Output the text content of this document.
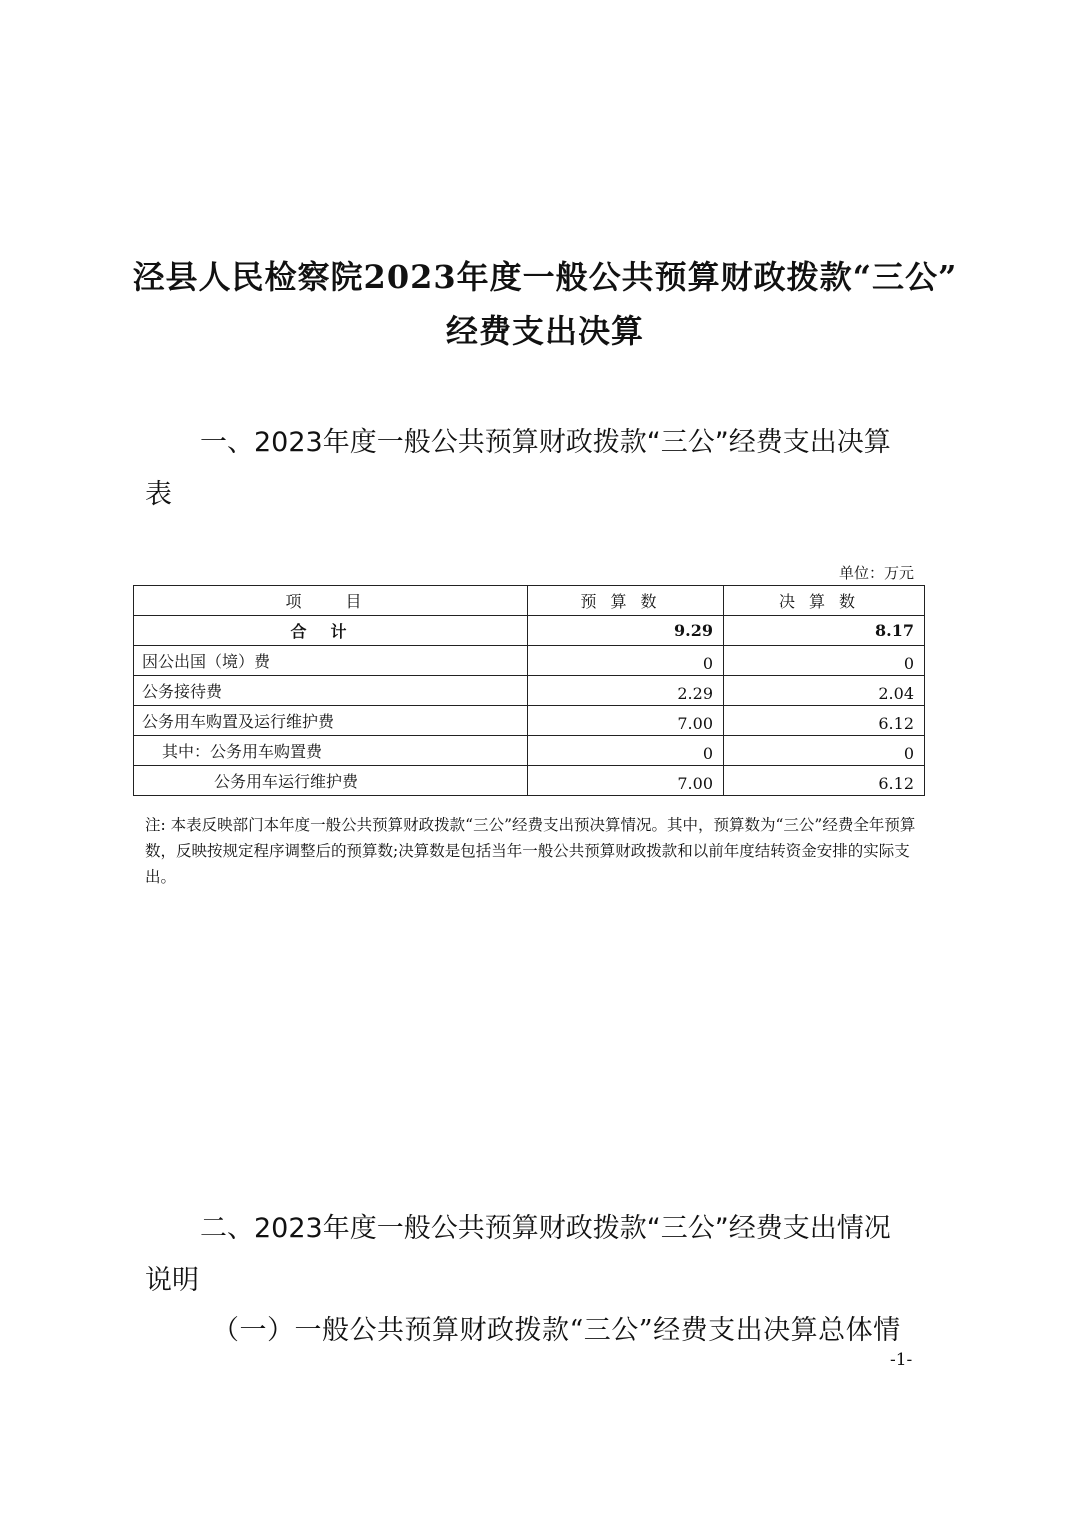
泾县人民检察院2023年度一般公共预算财政拨款“三公”
经费支出决算
一、2023年度一般公共预算财政拨款“三公”经费支出决算
表
单位：万元
项　目	预算数	决算数
合计	9.29	8.17
因公出国（境）费	0	0
公务接待费	2.29	2.04
公务用车购置及运行维护费	7.00	6.12
其中：公务用车购置费	0	0
公务用车运行维护费	7.00	6.12
注: 本表反映部门本年度一般公共预算财政拨款“三公”经费支出预决算情况。其中，预算数为“三公”经费全年预算数，反映按规定程序调整后的预算数;决算数是包括当年一般公共预算财政拨款和以前年度结转资金安排的实际支出。
二、2023年度一般公共预算财政拨款“三公”经费支出情况
说明
（一）一般公共预算财政拨款“三公”经费支出决算总体情
-1-
